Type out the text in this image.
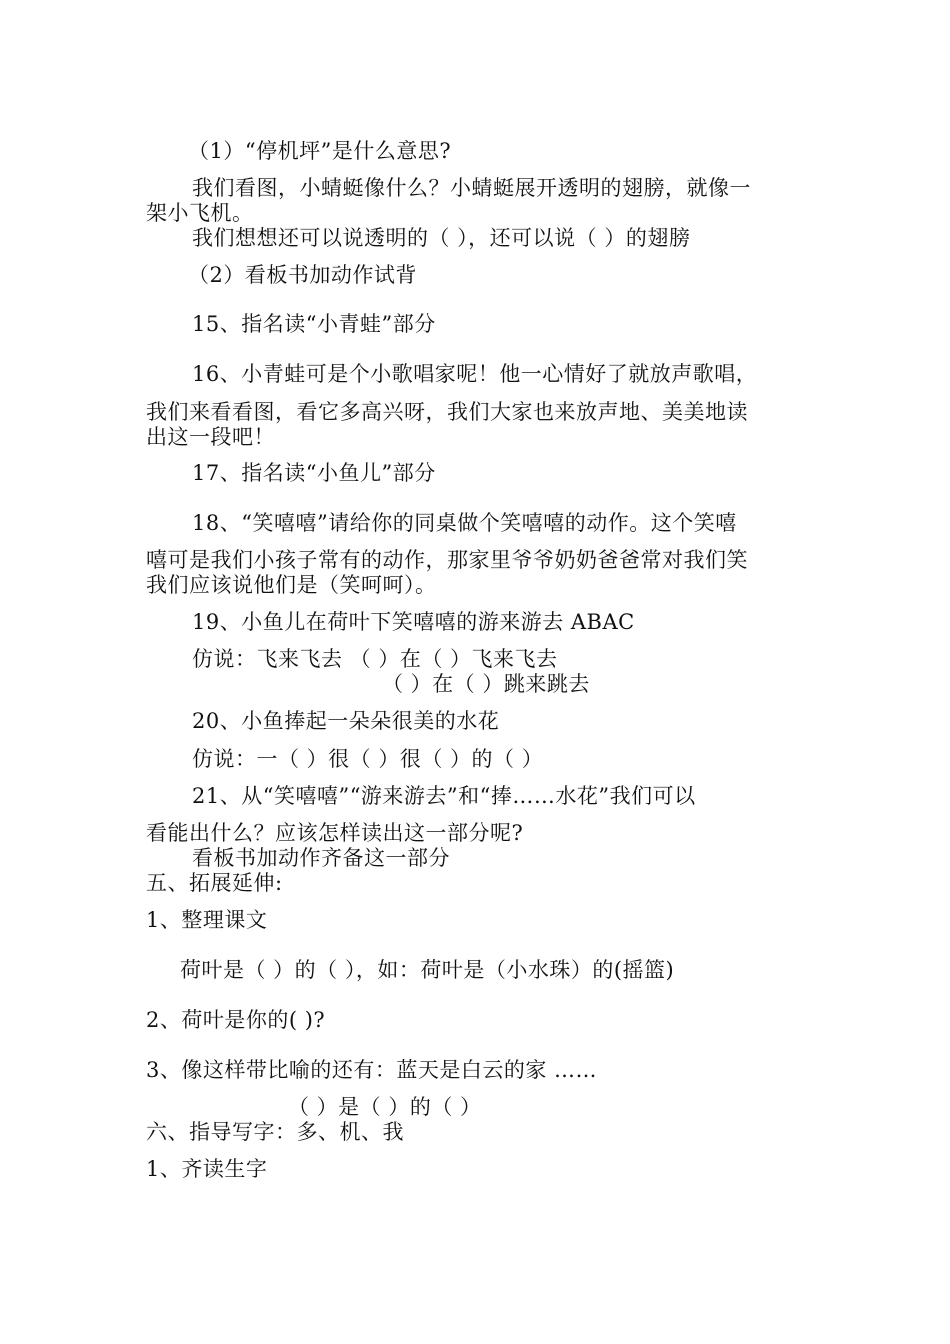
（1）“停机坪”是什么意思?

我们看图，小蜻蜓像什么？小蜻蜓展开透明的翅膀，就像一

架小飞机。

我们想想还可以说透明的（ ），还可以说（ ）的翅膀

（2）看板书加动作试背

15、指名读“小青蛙”部分

16、小青蛙可是个小歌唱家呢！他一心情好了就放声歌唱，

我们来看看图，看它多高兴呀，我们大家也来放声地、美美地读

出这一段吧！

17、指名读“小鱼儿”部分

18、“笑嘻嘻”请给你的同桌做个笑嘻嘻的动作。这个笑嘻

嘻可是我们小孩子常有的动作，那家里爷爷奶奶爸爸常对我们笑

我们应该说他们是（笑呵呵）。

19、小鱼儿在荷叶下笑嘻嘻的游来游去 ABAC

仿说：飞来飞去 （ ）在（ ）飞来飞去

（ ）在（ ）跳来跳去

20、小鱼捧起一朵朵很美的水花

仿说：一（ ）很（ ）很（ ）的（ ）

21、从“笑嘻嘻”“游来游去”和“捧……水花”我们可以

看能出什么？应该怎样读出这一部分呢?

看板书加动作齐备这一部分

五、拓展延伸:

1、整理课文

荷叶是（ ）的（ ），如：荷叶是（小水珠）的(摇篮)

2、荷叶是你的( )?

3、像这样带比喻的还有：蓝天是白云的家 ……

（ ）是（ ）的（ ）

六、指导写字：多、机、我

1、齐读生字
